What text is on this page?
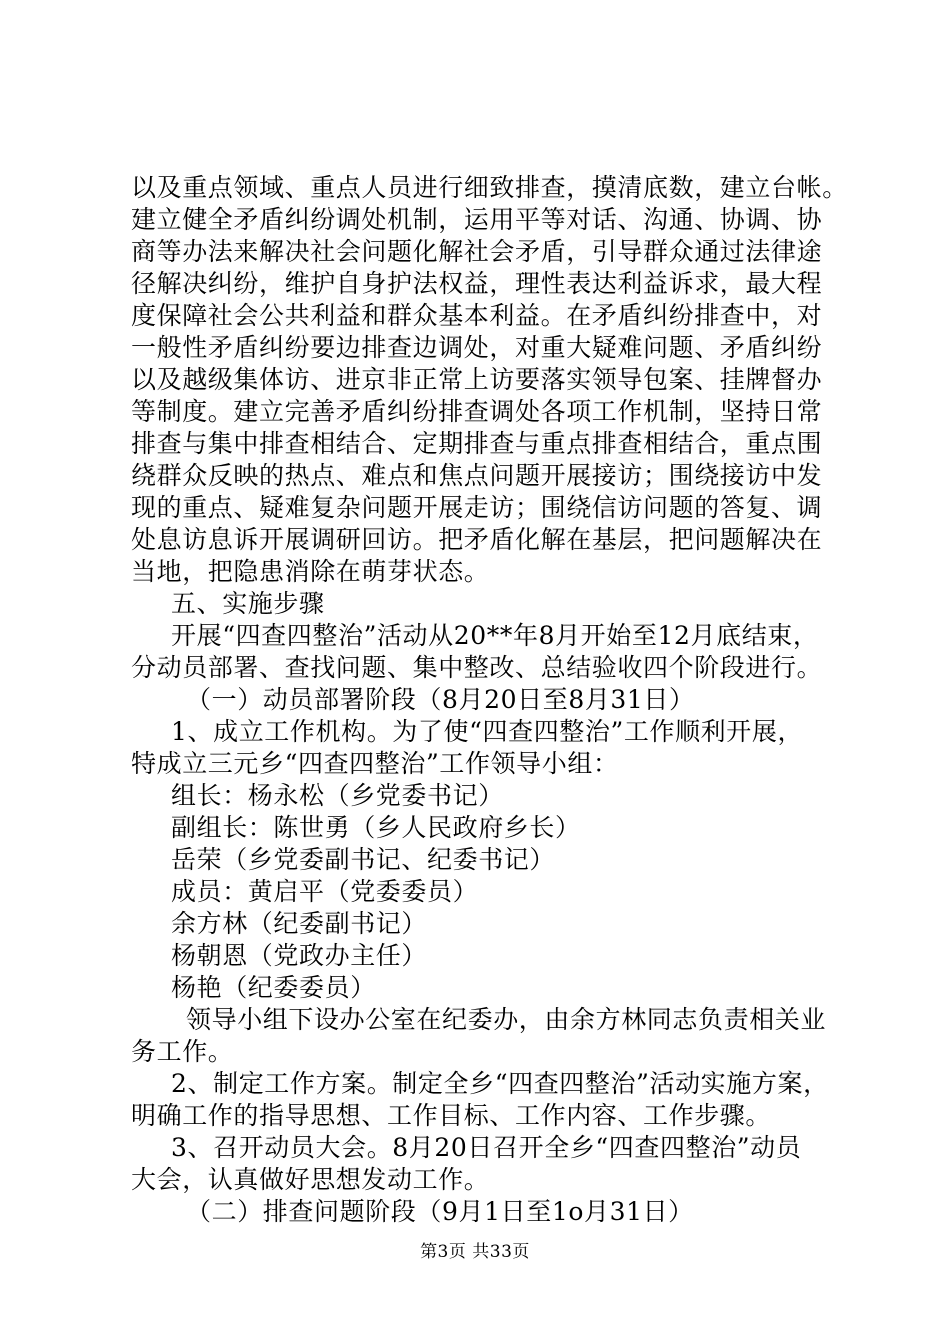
以及重点领域、重点人员进行细致排查，摸清底数，建立台帐。
建立健全矛盾纠纷调处机制，运用平等对话、沟通、协调、协
商等办法来解决社会问题化解社会矛盾，引导群众通过法律途
径解决纠纷，维护自身护法权益，理性表达利益诉求，最大程
度保障社会公共利益和群众基本利益。在矛盾纠纷排查中，对
一般性矛盾纠纷要边排查边调处，对重大疑难问题、矛盾纠纷
以及越级集体访、进京非正常上访要落实领导包案、挂牌督办
等制度。建立完善矛盾纠纷排查调处各项工作机制，坚持日常
排查与集中排查相结合、定期排查与重点排查相结合，重点围
绕群众反映的热点、难点和焦点问题开展接访；围绕接访中发
现的重点、疑难复杂问题开展走访；围绕信访问题的答复、调
处息访息诉开展调研回访。把矛盾化解在基层，把问题解决在
当地，把隐患消除在萌芽状态。
五、实施步骤
开展“四查四整治”活动从20**年8月开始至12月底结束，
分动员部署、查找问题、集中整改、总结验收四个阶段进行。
（一）动员部署阶段（8月20日至8月31日）
1、成立工作机构。为了使“四查四整治”工作顺利开展，
特成立三元乡“四查四整治”工作领导小组：
组长：杨永松（乡党委书记）
副组长：陈世勇（乡人民政府乡长）
岳荣（乡党委副书记、纪委书记）
成员：黄启平（党委委员）
余方林（纪委副书记）
杨朝恩（党政办主任）
杨艳（纪委委员）
领导小组下设办公室在纪委办，由余方林同志负责相关业
务工作。
2、制定工作方案。制定全乡“四查四整治”活动实施方案，
明确工作的指导思想、工作目标、工作内容、工作步骤。
3、召开动员大会。8月20日召开全乡“四查四整治”动员
大会，认真做好思想发动工作。
（二）排查问题阶段（9月1日至1o月31日）
第3页 共33页
